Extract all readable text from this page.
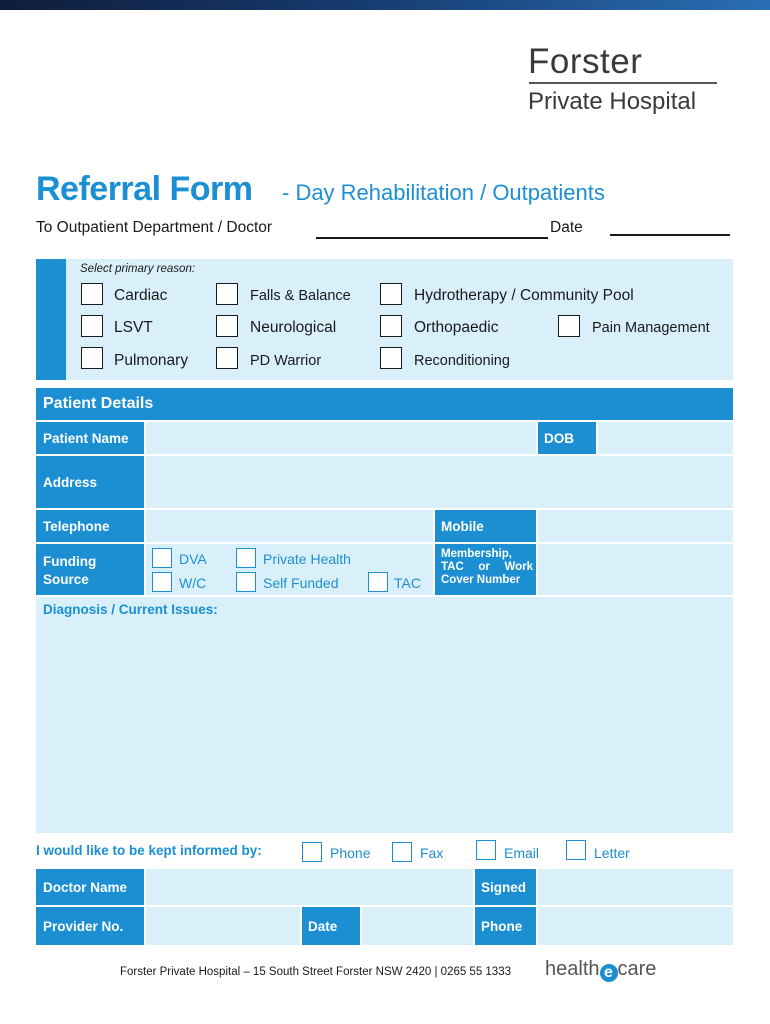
Forster
Private Hospital
Referral Form - Day Rehabilitation / Outpatients
To Outpatient Department / Doctor	Date
Select primary reason:
Cardiac	Falls & Balance	Hydrotherapy / Community Pool
LSVT	Neurological	Orthopaedic	Pain Management
Pulmonary	PD Warrior	Reconditioning
Patient Details
Patient Name	DOB
Address
Telephone	Mobile
Funding Source
DVA	Private Health
W/C	Self Funded	TAC
Membership, TAC or Work Cover Number
Diagnosis / Current Issues:
I would like to be kept informed by:	Phone	Fax	Email	Letter
Doctor Name	Signed
Provider No.	Date	Phone
Forster Private Hospital – 15 South Street Forster NSW 2420 | 0265 55 1333 health e care
